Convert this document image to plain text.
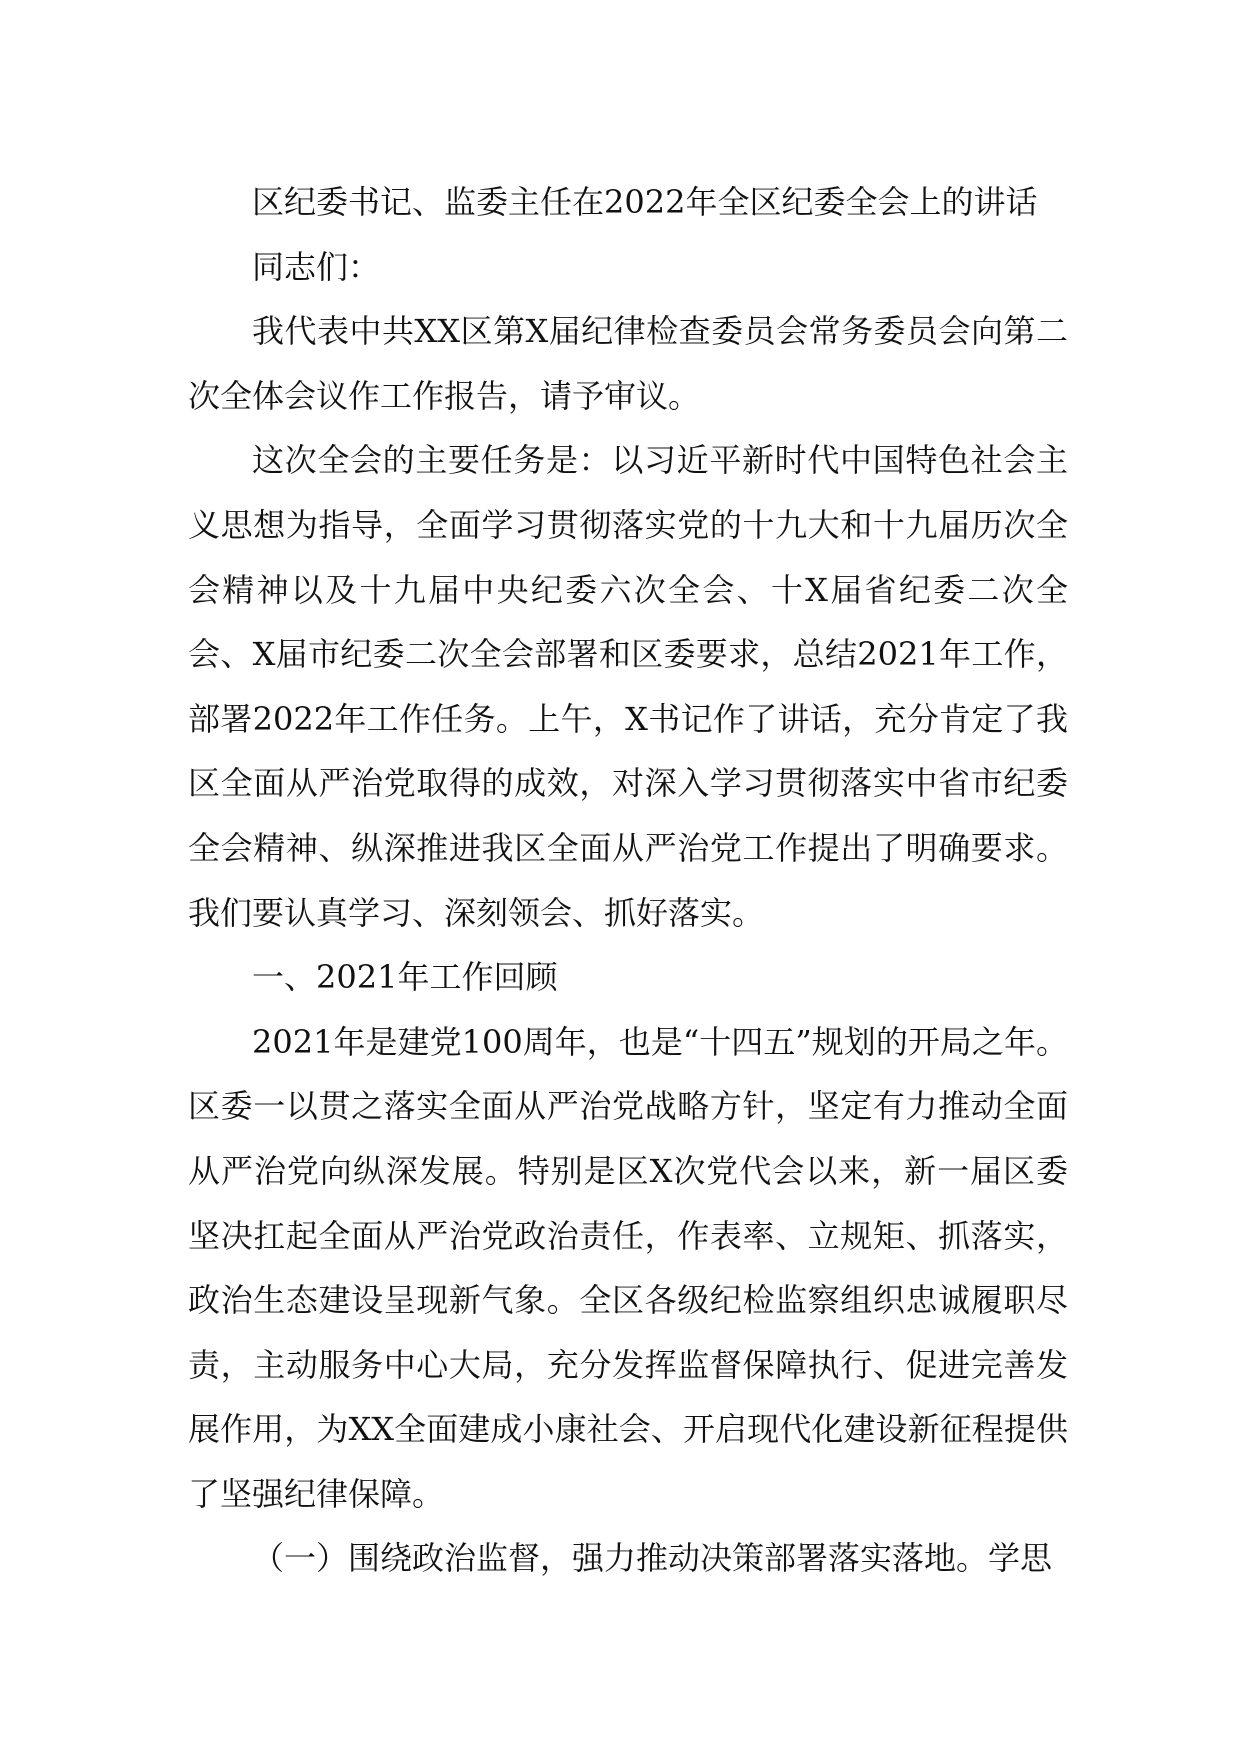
区纪委书记、监委主任在2022年全区纪委全会上的讲话

同志们：

我代表中共XX区第X届纪律检查委员会常务委员会向第二次全体会议作工作报告，请予审议。

这次全会的主要任务是：以习近平新时代中国特色社会主义思想为指导，全面学习贯彻落实党的十九大和十九届历次全会精神以及十九届中央纪委六次全会、十X届省纪委二次全会、X届市纪委二次全会部署和区委要求，总结2021年工作，部署2022年工作任务。上午，X书记作了讲话，充分肯定了我区全面从严治党取得的成效，对深入学习贯彻落实中省市纪委全会精神、纵深推进我区全面从严治党工作提出了明确要求。我们要认真学习、深刻领会、抓好落实。

一、2021年工作回顾

2021年是建党100周年，也是“十四五”规划的开局之年。区委一以贯之落实全面从严治党战略方针，坚定有力推动全面从严治党向纵深发展。特别是区X次党代会以来，新一届区委坚决扛起全面从严治党政治责任，作表率、立规矩、抓落实，政治生态建设呈现新气象。全区各级纪检监察组织忠诚履职尽责，主动服务中心大局，充分发挥监督保障执行、促进完善发展作用，为XX全面建成小康社会、开启现代化建设新征程提供了坚强纪律保障。

（一）围绕政治监督，强力推动决策部署落实落地。学思
